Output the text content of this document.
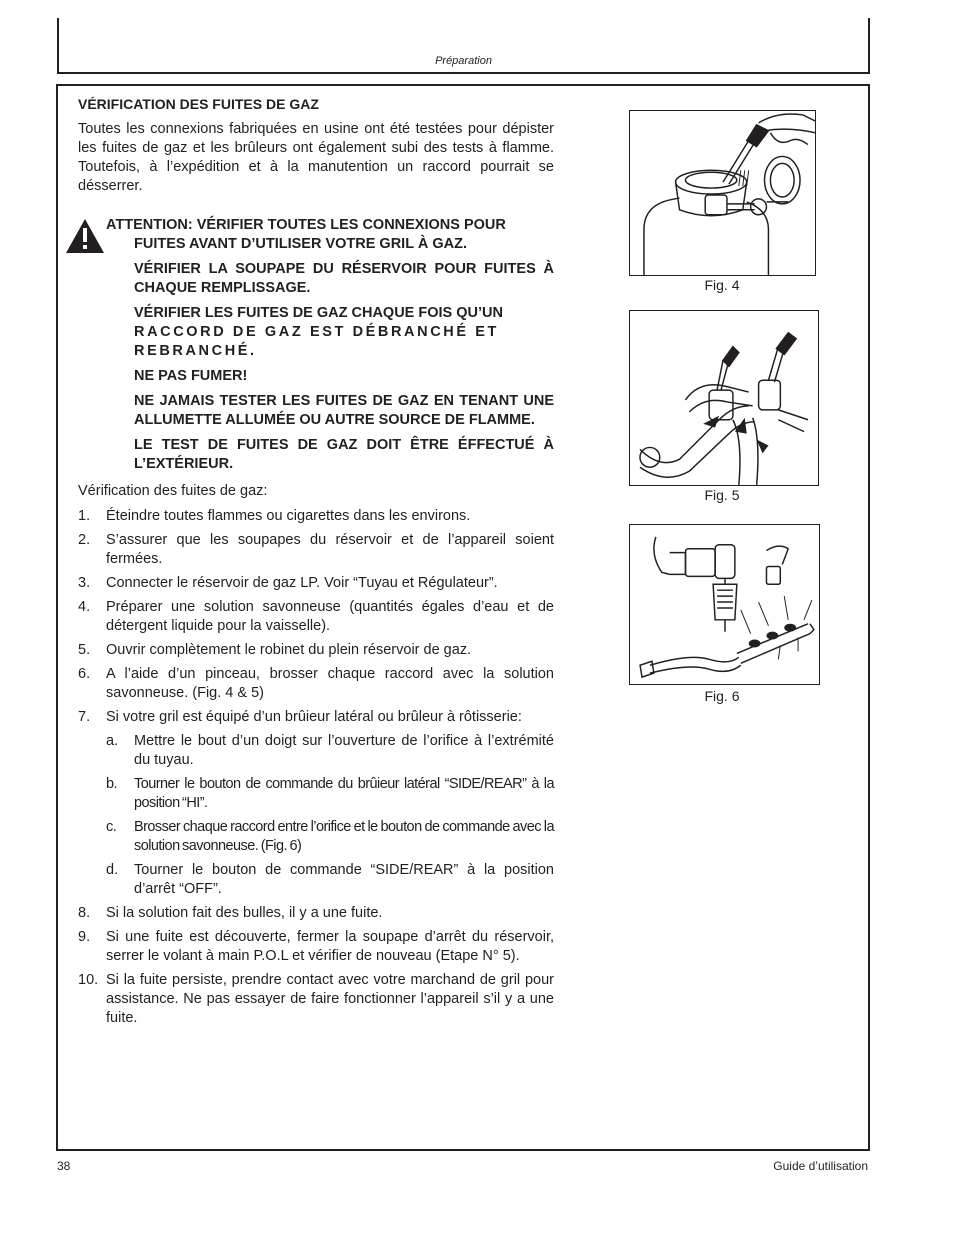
Préparation

VÉRIFICATION DES FUITES DE GAZ

Toutes les connexions fabriquées en usine ont été testées pour dépister les fuites de gaz et les brûleurs ont également subi des tests à flamme. Toutefois, à l’expédition et à la manutention un raccord pourrait se désserrer.

ATTENTION: VÉRIFIER TOUTES LES CONNEXIONS POUR
FUITES AVANT D’UTILISER VOTRE GRIL À GAZ.
VÉRIFIER LA SOUPAPE DU RÉSERVOIR POUR FUITES À CHAQUE REMPLISSAGE.
VÉRIFIER LES FUITES DE GAZ CHAQUE FOIS QU’UN
RACCORD DE GAZ EST DÉBRANCHÉ ET REBRANCHÉ.
NE PAS FUMER!
NE JAMAIS TESTER LES FUITES DE GAZ EN TENANT UNE ALLUMETTE ALLUMÉE OU AUTRE SOURCE DE FLAMME.
LE TEST DE FUITES DE GAZ DOIT ÊTRE ÉFFECTUÉ À L’EXTÉRIEUR.

Vérification des fuites de gaz:

1. Éteindre toutes flammes ou cigarettes dans les environs.
2. S’assurer que les soupapes du réservoir et de l’appareil soient fermées.
3. Connecter le réservoir de gaz LP. Voir “Tuyau et Régulateur”.
4. Préparer une solution savonneuse (quantités égales d’eau et de détergent liquide pour la vaisselle).
5. Ouvrir complètement le robinet du plein réservoir de gaz.
6. A l’aide d’un pinceau, brosser chaque raccord avec la solution savonneuse. (Fig. 4 & 5)
7. Si votre gril est équipé d’un brûieur latéral ou brûleur à rôtisserie:
a. Mettre le bout d’un doigt sur l’ouverture de l’orifice à l’extrémité du tuyau.
b. Tourner le bouton de commande du brûieur latéral “SIDE/REAR” à la position “HI”.
c. Brosser chaque raccord entre l’orifice et le bouton de commande avec la solution savonneuse. (Fig. 6)
d. Tourner le bouton de commande “SIDE/REAR” à la position d’arrêt “OFF”.
8. Si la solution fait des bulles, il y a une fuite.
9. Si une fuite est découverte, fermer la soupape d’arrêt du réservoir, serrer le volant à main P.O.L et vérifier de nouveau (Etape N° 5).
10. Si la fuite persiste, prendre contact avec votre marchand de gril pour assistance. Ne pas essayer de faire fonctionner l’appareil s’il y a une fuite.
Fig. 4
Fig. 5
Fig. 6
38	Guide d’utilisation
